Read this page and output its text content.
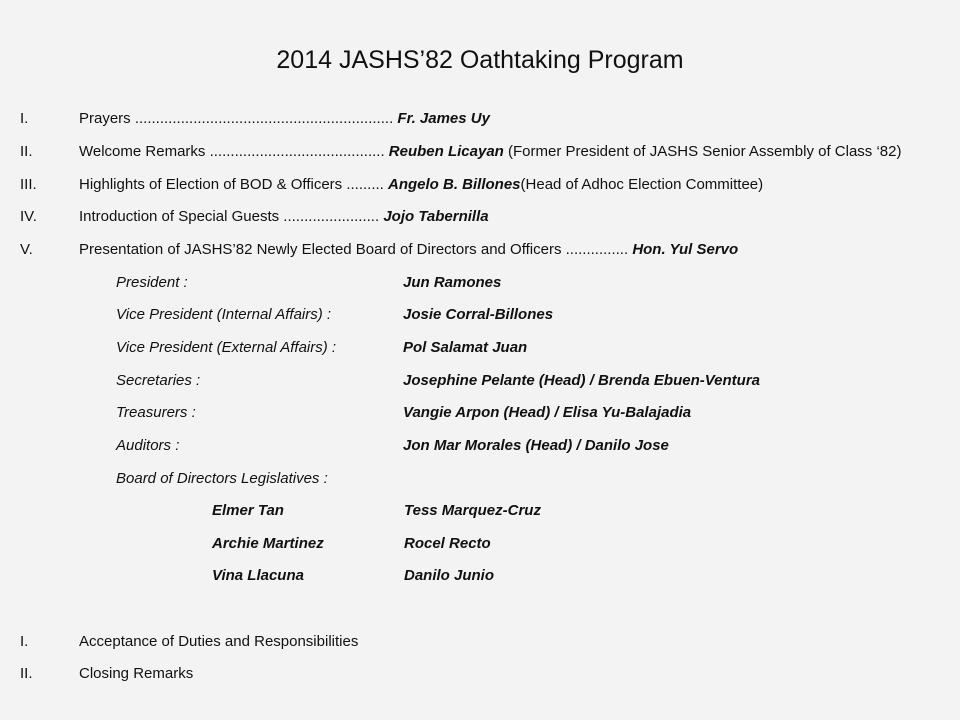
2014 JASHS’82 Oathtaking Program
I.	Prayers .............................................................. Fr. James Uy
II.	Welcome Remarks .......................................... Reuben Licayan (Former President of JASHS Senior Assembly of Class ‘82)
III.	Highlights of Election of BOD & Officers ......... Angelo B. Billones(Head of Adhoc Election Committee)
IV.	Introduction of Special Guests ....................... Jojo Tabernilla
V.	Presentation of JASHS’82 Newly Elected Board of Directors and Officers ............... Hon. Yul Servo
President :	Jun Ramones
Vice President (Internal Affairs) :	Josie Corral-Billones
Vice President (External Affairs) :	Pol Salamat Juan
Secretaries :	Josephine Pelante (Head) / Brenda Ebuen-Ventura
Treasurers :	Vangie Arpon (Head) / Elisa Yu-Balajadia
Auditors :	Jon Mar Morales (Head) / Danilo Jose
Board of Directors Legislatives :
Elmer Tan	Tess Marquez-Cruz
Archie Martinez	Rocel Recto
Vina Llacuna	Danilo Junio
I.	Acceptance of Duties and Responsibilities
II.	Closing Remarks
